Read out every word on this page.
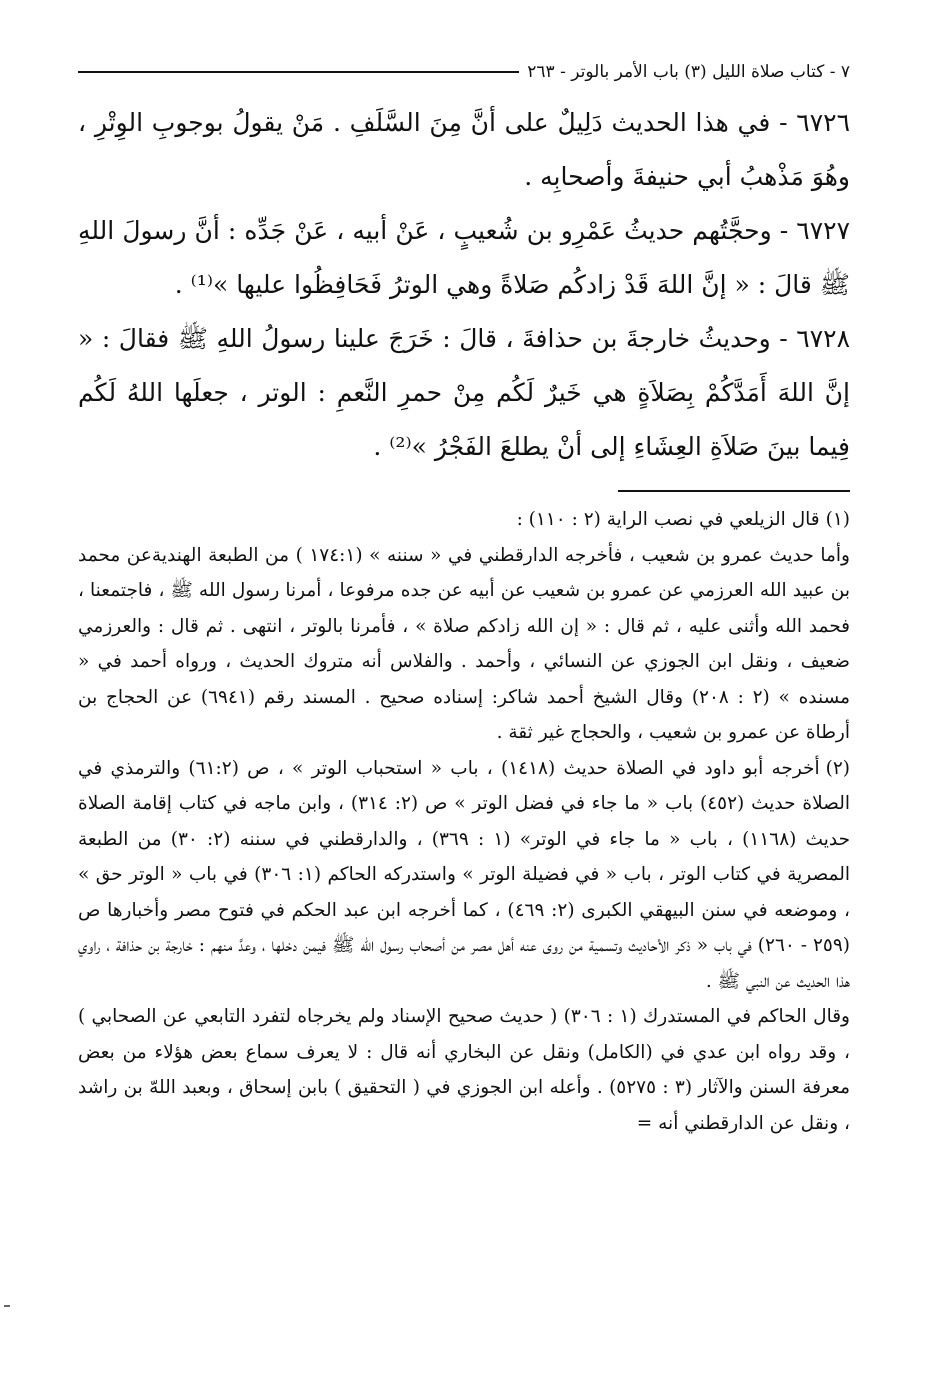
٧ - كتاب صلاة الليل (٣) باب الأمر بالوتر - ٢٦٣

٦٧٢٦ - في هذا الحديث دَلِيلٌ على أنَّ مِنَ السَّلَفِ . مَنْ يقولُ بوجوبِ الوِتْرِ ، وهُوَ مَذْهبُ أبي حنيفةَ وأصحابِه .

٦٧٢٧ - وحجَّتُهم حديثُ عَمْرِو بن شُعيبٍ ، عَنْ أبيه ، عَنْ جَدِّه : أنَّ رسولَ اللهِ ﷺ قالَ : « إنَّ اللهَ قَدْ زادكُم صَلاةً وهي الوترُ فَحَافِظُوا عليها »⁽¹⁾ .

٦٧٢٨ - وحديثُ خارجةَ بن حذافةَ ، قالَ : خَرَجَ علينا رسولُ اللهِ ﷺ فقالَ : « إنَّ اللهَ أَمَدَّكُمْ بِصَلاَةٍ هي خَيرٌ لَكُم مِنْ حمرِ النَّعمِ : الوتر ، جعلَها اللهُ لَكُم فِيما بينَ صَلاَةِ العِشَاءِ إلى أنْ يطلعَ الفَجْرُ »⁽²⁾ .

(١)قال الزيلعي في نصب الراية (٢ : ١١٠) :

وأما حديث عمرو بن شعيب ، فأخرجه الدارقطني في « سننه » (١٧٤:١ ) من الطبعة الهنديةعن محمد بن عبيد الله العرزمي عن عمرو بن شعيب عن أبيه عن جده مرفوعا ، أمرنا رسول الله ﷺ ، فاجتمعنا ، فحمد الله وأثنى عليه ، ثم قال : « إن الله زادكم صلاة » ، فأمرنا بالوتر ، انتهى . ثم قال : والعرزمي ضعيف ، ونقل ابن الجوزي عن النسائي ، وأحمد . والفلاس أنه متروك الحديث ، ورواه أحمد في « مسنده » (٢ : ٢٠٨) وقال الشيخ أحمد شاكر: إسناده صحيح . المسند رقم (٦٩٤١) عن الحجاج بن أرطاة عن عمرو بن شعيب ، والحجاج غير ثقة .

(٢)أخرجه أبو داود في الصلاة حديث (١٤١٨) ، باب « استحباب الوتر » ، ص (٦١:٢) والترمذي في الصلاة حديث (٤٥٢) باب « ما جاء في فضل الوتر » ص (٢: ٣١٤) ، وابن ماجه في كتاب إقامة الصلاة حديث (١١٦٨) ، باب « ما جاء في الوتر» (١ : ٣٦٩) ، والدارقطني في سننه (٢: ٣٠) من الطبعة المصرية في كتاب الوتر ، باب « في فضيلة الوتر » واستدركه الحاكم (١: ٣٠٦) في باب « الوتر حق » ، وموضعه في سنن البيهقي الكبرى (٢: ٤٦٩) ، كما أخرجه ابن عبد الحكم في فتوح مصر وأخبارها ص (٢٥٩ - ٢٦٠) في باب « ذكر الأحاديث وتسمية من روى عنه أهل مصر من أصحاب رسول الله ﷺ فيمن دخلها ، وعدَّ منهم : خارجة بن حذافة ، راوي هذا الحديث عن النبي ﷺ .

وقال الحاكم في المستدرك (١ : ٣٠٦) ( حديث صحيح الإسناد ولم يخرجاه لتفرد التابعي عن الصحابي ) ، وقد رواه ابن عدي في (الكامل) ونقل عن البخاري أنه قال : لا يعرف سماع بعض هؤلاء من بعض معرفة السنن والآثار (٣ : ٥٢٧٥) . وأعله ابن الجوزي في ( التحقيق ) بابن إسحاق ، وبعبد اللهّ بن راشد ، ونقل عن الدارقطني أنه =
